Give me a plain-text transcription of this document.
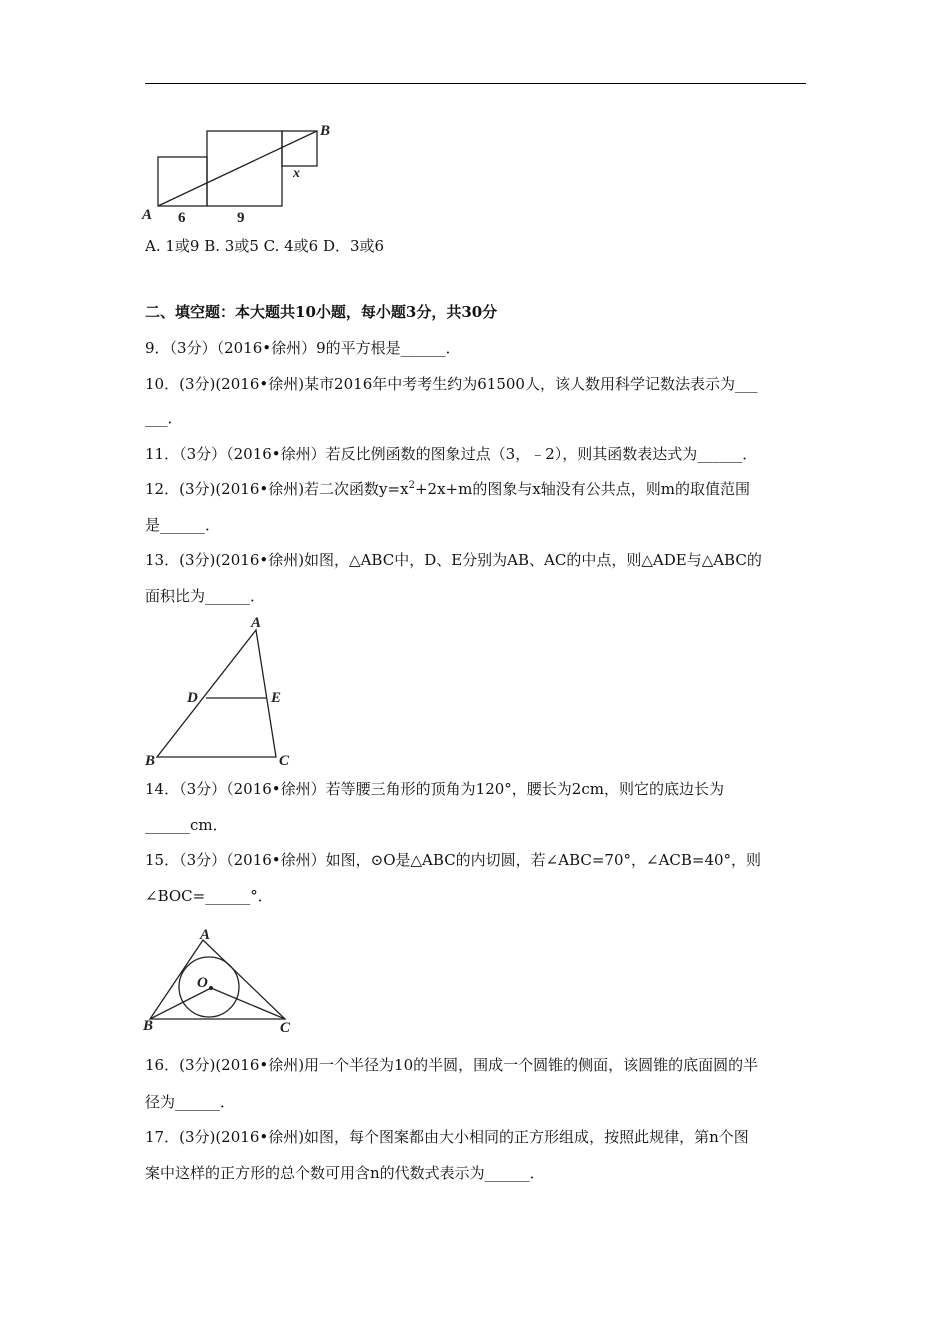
A
B
x
6	9
A. 1或9 B. 3或5 C. 4或6 D．3或6
二、填空题：本大题共10小题，每小题3分，共30分
9．（3分）（2016•徐州）9的平方根是______．
10．(3分)(2016•徐州)某市2016年中考考生约为61500人，该人数用科学记数法表示为___
___．
11．（3分）（2016•徐州）若反比例函数的图象过点（3，﹣2），则其函数表达式为______．
12．(3分)(2016•徐州)若二次函数$y=x^2+2x+m$的图象与x轴没有公共点，则m的取值范围
是______．
13．(3分)(2016•徐州)如图，△ABC中，D、E分别为AB、AC的中点，则△ADE与△ABC的
面积比为______．
A
B	C
D	E
14．（3分）（2016•徐州）若等腰三角形的顶角为120°，腰长为2cm，则它的底边长为
______cm．
15．（3分）（2016•徐州）如图，⊙O是△ABC的内切圆，若∠ABC=70°，∠ACB=40°，则
∠BOC=______°．
A
B	C
O
16．(3分)(2016•徐州)用一个半径为10的半圆，围成一个圆锥的侧面，该圆锥的底面圆的半
径为______．
17．(3分)(2016•徐州)如图，每个图案都由大小相同的正方形组成，按照此规律，第n个图
案中这样的正方形的总个数可用含n的代数式表示为______．
